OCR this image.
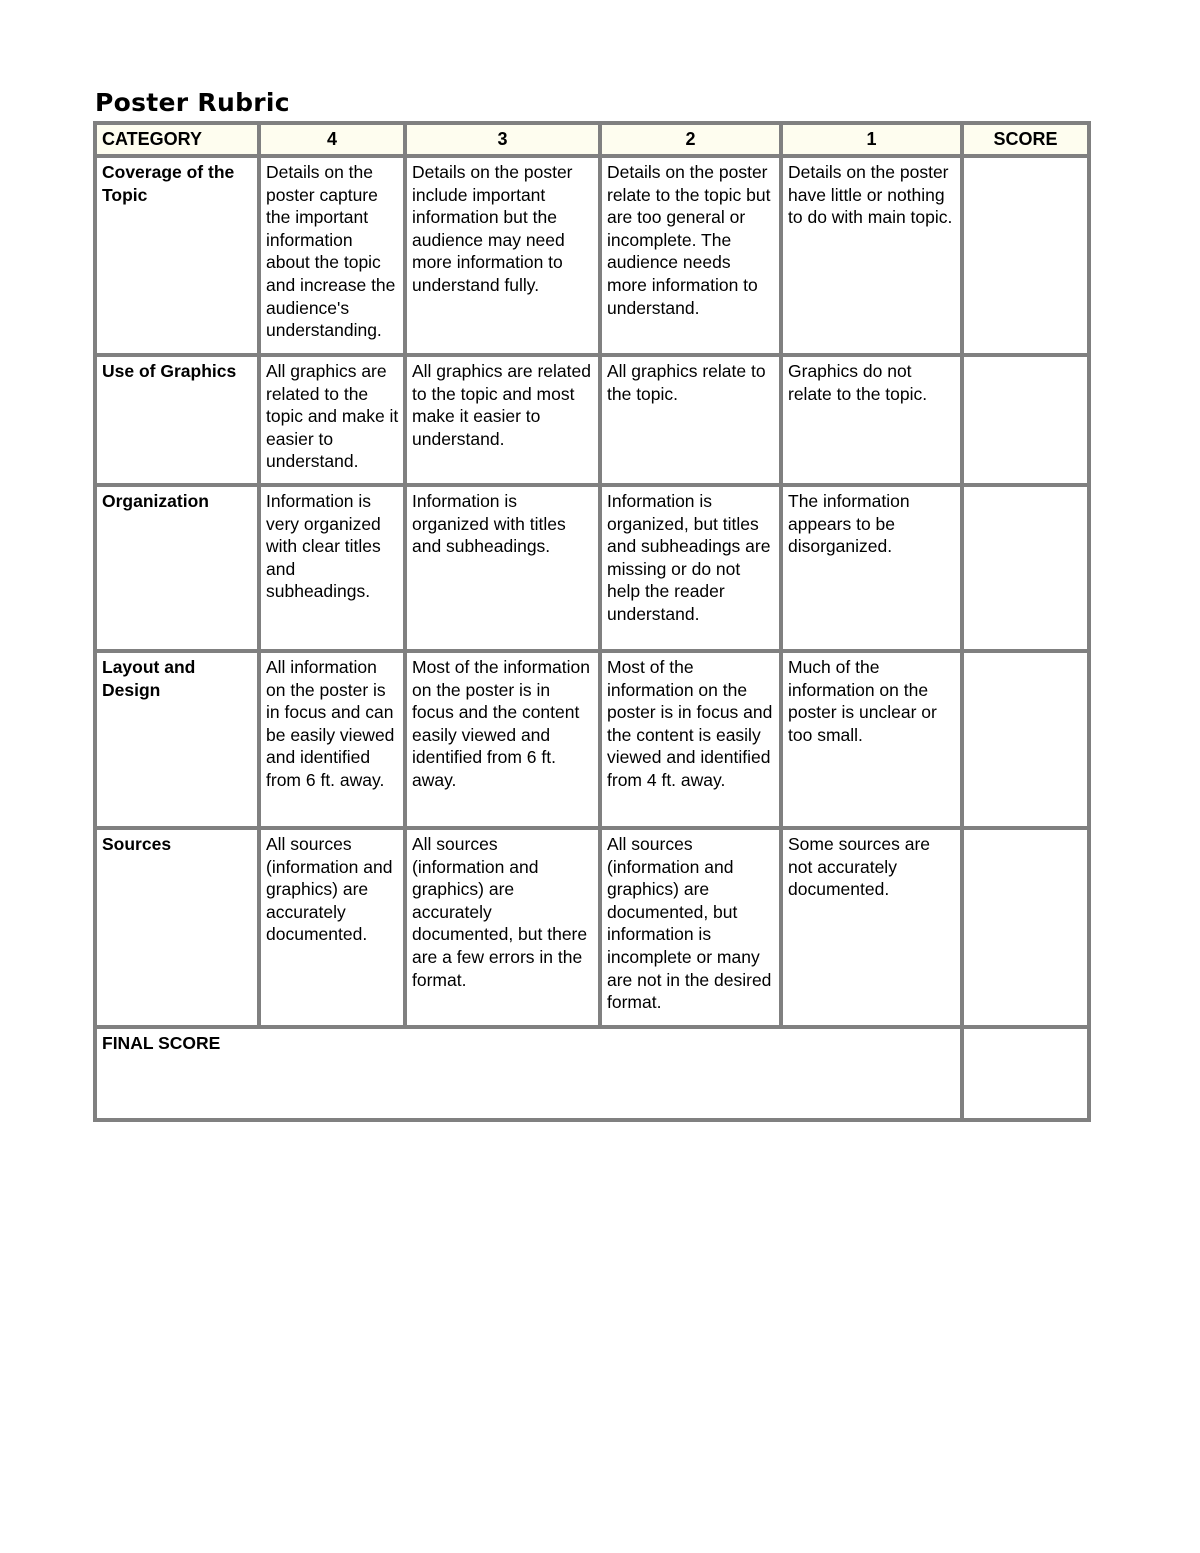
Poster Rubric
CATEGORY	4	3	2	1	SCORE
Coverage of the Topic	Details on the poster capture the important information about the topic and increase the audience's understanding.	Details on the poster include important information but the audience may need more information to understand fully.	Details on the poster relate to the topic but are too general or incomplete. The audience needs more information to understand.	Details on the poster have little or nothing to do with main topic.	
Use of Graphics	All graphics are related to the topic and make it easier to understand.	All graphics are related to the topic and most make it easier to understand.	All graphics relate to the topic.	Graphics do not relate to the topic.	
Organization	Information is very organized with clear titles and subheadings.	Information is organized with titles and subheadings.	Information is organized, but titles and subheadings are missing or do not help the reader understand.	The information appears to be disorganized.	
Layout and Design	All information on the poster is in focus and can be easily viewed and identified from 6 ft. away.	Most of the information on the poster is in focus and the content easily viewed and identified from 6 ft. away.	Most of the information on the poster is in focus and the content is easily viewed and identified from 4 ft. away.	Much of the information on the poster is unclear or too small.	
Sources	All sources (information and graphics) are accurately documented.	All sources (information and graphics) are accurately documented, but there are a few errors in the format.	All sources (information and graphics) are documented, but information is incomplete or many are not in the desired format.	Some sources are not accurately documented.	
FINAL SCORE					
